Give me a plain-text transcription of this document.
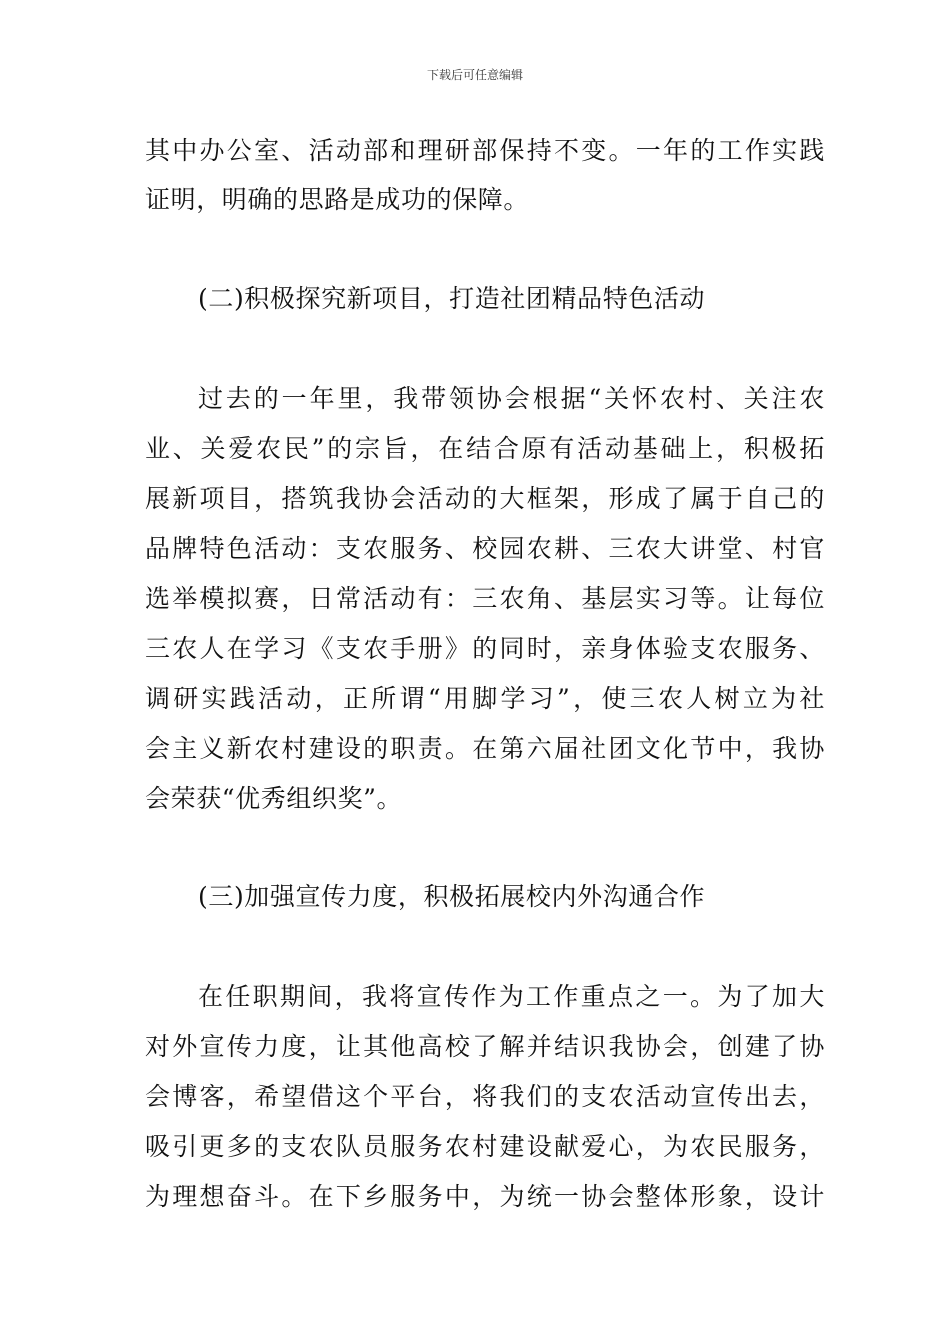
下载后可任意编辑
其中办公室、活动部和理研部保持不变。一年的工作实践
证明，明确的思路是成功的保障。
(二)积极探究新项目，打造社团精品特色活动
过去的一年里，我带领协会根据“关怀农村、关注农
业、关爱农民”的宗旨，在结合原有活动基础上，积极拓
展新项目，搭筑我协会活动的大框架，形成了属于自己的
品牌特色活动：支农服务、校园农耕、三农大讲堂、村官
选举模拟赛，日常活动有：三农角、基层实习等。让每位
三农人在学习《支农手册》的同时，亲身体验支农服务、
调研实践活动，正所谓“用脚学习”，使三农人树立为社
会主义新农村建设的职责。在第六届社团文化节中，我协
会荣获“优秀组织奖”。
(三)加强宣传力度，积极拓展校内外沟通合作
在任职期间，我将宣传作为工作重点之一。为了加大
对外宣传力度，让其他高校了解并结识我协会，创建了协
会博客，希望借这个平台，将我们的支农活动宣传出去，
吸引更多的支农队员服务农村建设献爱心，为农民服务，
为理想奋斗。在下乡服务中，为统一协会整体形象，设计
